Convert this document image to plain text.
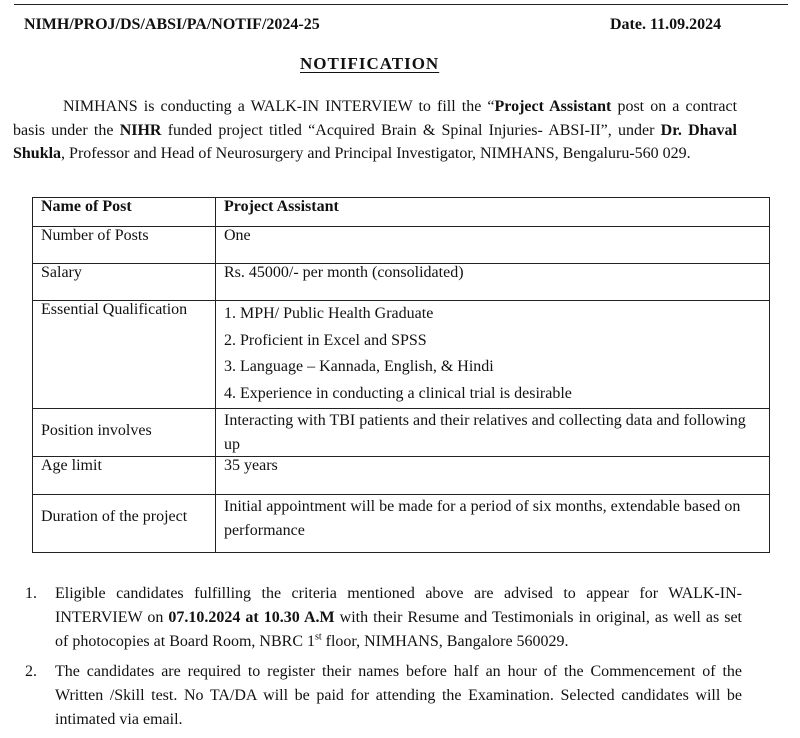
NIMH/PROJ/DS/ABSI/PA/NOTIF/2024-25	Date. 11.09.2024
NOTIFICATION
NIMHANS is conducting a WALK-IN INTERVIEW to fill the “Project Assistant post on a contract basis under the NIHR funded project titled “Acquired Brain & Spinal Injuries- ABSI-II”, under Dr. Dhaval Shukla, Professor and Head of Neurosurgery and Principal Investigator, NIMHANS, Bengaluru-560 029.
Name of Post	Project Assistant
Number of Posts	One
Salary	Rs. 45000/- per month (consolidated)
Essential Qualification	1. MPH/ Public Health Graduate
2. Proficient in Excel and SPSS
3. Language – Kannada, English, & Hindi
4. Experience in conducting a clinical trial is desirable

Position involves	Interacting with TBI patients and their relatives and collecting data and following up
Age limit	35 years
Duration of the project	Initial appointment will be made for a period of six months, extendable based on performance
1. Eligible candidates fulfilling the criteria mentioned above are advised to appear for WALK-IN-INTERVIEW on 07.10.2024 at 10.30 A.M with their Resume and Testimonials in original, as well as set of photocopies at Board Room, NBRC 1st floor, NIMHANS, Bangalore 560029.
2. The candidates are required to register their names before half an hour of the Commencement of the Written /Skill test. No TA/DA will be paid for attending the Examination. Selected candidates will be intimated via email.
